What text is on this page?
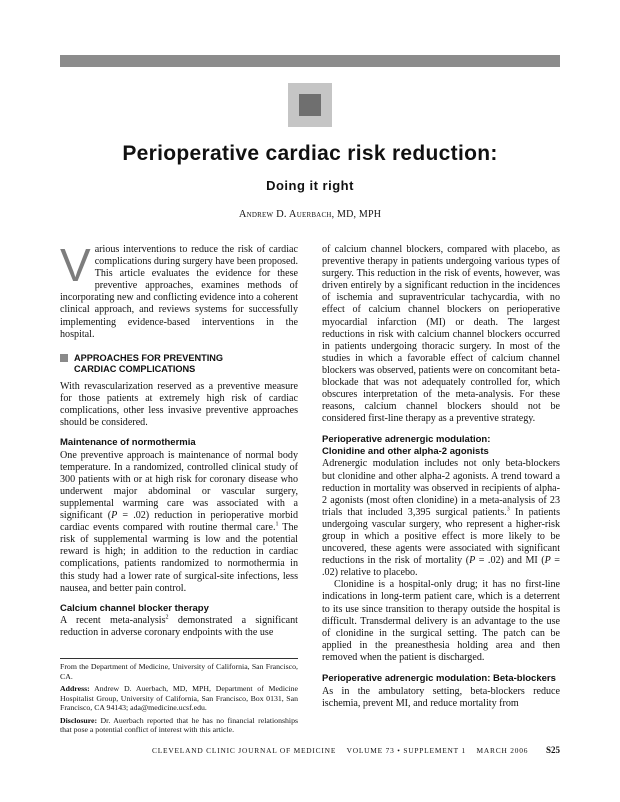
Perioperative cardiac risk reduction:
Doing it right
Andrew D. Auerbach, MD, MPH

Various interventions to reduce the risk of cardiac complications during surgery have been proposed. This article evaluates the evidence for these preventive approaches, examines methods of incorporating new and conflicting evidence into a coherent clinical approach, and reviews systems for successfully implementing evidence-based interventions in the hospital.

APPROACHES FOR PREVENTING
CARDIAC COMPLICATIONS

With revascularization reserved as a preventive measure for those patients at extremely high risk of cardiac complications, other less invasive preventive approaches should be considered.

Maintenance of normothermia

One preventive approach is maintenance of normal body temperature. In a randomized, controlled clinical study of 300 patients with or at high risk for coronary disease who underwent major abdominal or vascular surgery, supplemental warming care was associated with a significant (P = .02) reduction in perioperative morbid cardiac events compared with routine thermal care.$^1$ The risk of supplemental warming is low and the potential reward is high; in addition to the reduction in cardiac complications, patients randomized to normothermia in this study had a lower rate of surgical-site infections, less nausea, and better pain control.

Calcium channel blocker therapy

A recent meta-analysis$^2$ demonstrated a significant reduction in adverse coronary endpoints with the use

From the Department of Medicine, University of California, San Francisco, CA.

Address: Andrew D. Auerbach, MD, MPH, Department of Medicine Hospitalist Group, University of California, San Francisco, Box 0131, San Francisco, CA 94143; ada@medicine.ucsf.edu.

Disclosure: Dr. Auerbach reported that he has no financial relationships that pose a potential conflict of interest with this article.

of calcium channel blockers, compared with placebo, as preventive therapy in patients undergoing various types of surgery. This reduction in the risk of events, however, was driven entirely by a significant reduction in the incidences of ischemia and supraventricular tachycardia, with no effect of calcium channel blockers on perioperative myocardial infarction (MI) or death. The largest reductions in risk with calcium channel blockers occurred in patients undergoing thoracic surgery. In most of the studies in which a favorable effect of calcium channel blockers was observed, patients were on concomitant beta-blockade that was not adequately controlled for, which obscures interpretation of the meta-analysis. For these reasons, calcium channel blockers should not be considered first-line therapy as a preventive strategy.

Perioperative adrenergic modulation:
Clonidine and other alpha-2 agonists

Adrenergic modulation includes not only beta-blockers but clonidine and other alpha-2 agonists. A trend toward a reduction in mortality was observed in recipients of alpha-2 agonists (most often clonidine) in a meta-analysis of 23 trials that included 3,395 surgical patients.$^3$ In patients undergoing vascular surgery, who represent a higher-risk group in which a positive effect is more likely to be uncovered, these agents were associated with significant reductions in the risk of mortality (P = .02) and MI (P = .02) relative to placebo.

Clonidine is a hospital-only drug; it has no first-line indications in long-term patient care, which is a deterrent to its use since transition to therapy outside the hospital is difficult. Transdermal delivery is an advantage to the use of clonidine in the surgical setting. The patch can be applied in the preanesthesia holding area and then removed when the patient is discharged.

Perioperative adrenergic modulation: Beta-blockers

As in the ambulatory setting, beta-blockers reduce ischemia, prevent MI, and reduce mortality from

CLEVELAND CLINIC JOURNAL OF MEDICINE    VOLUME 73 • SUPPLEMENT 1    MARCH 2006 S25
